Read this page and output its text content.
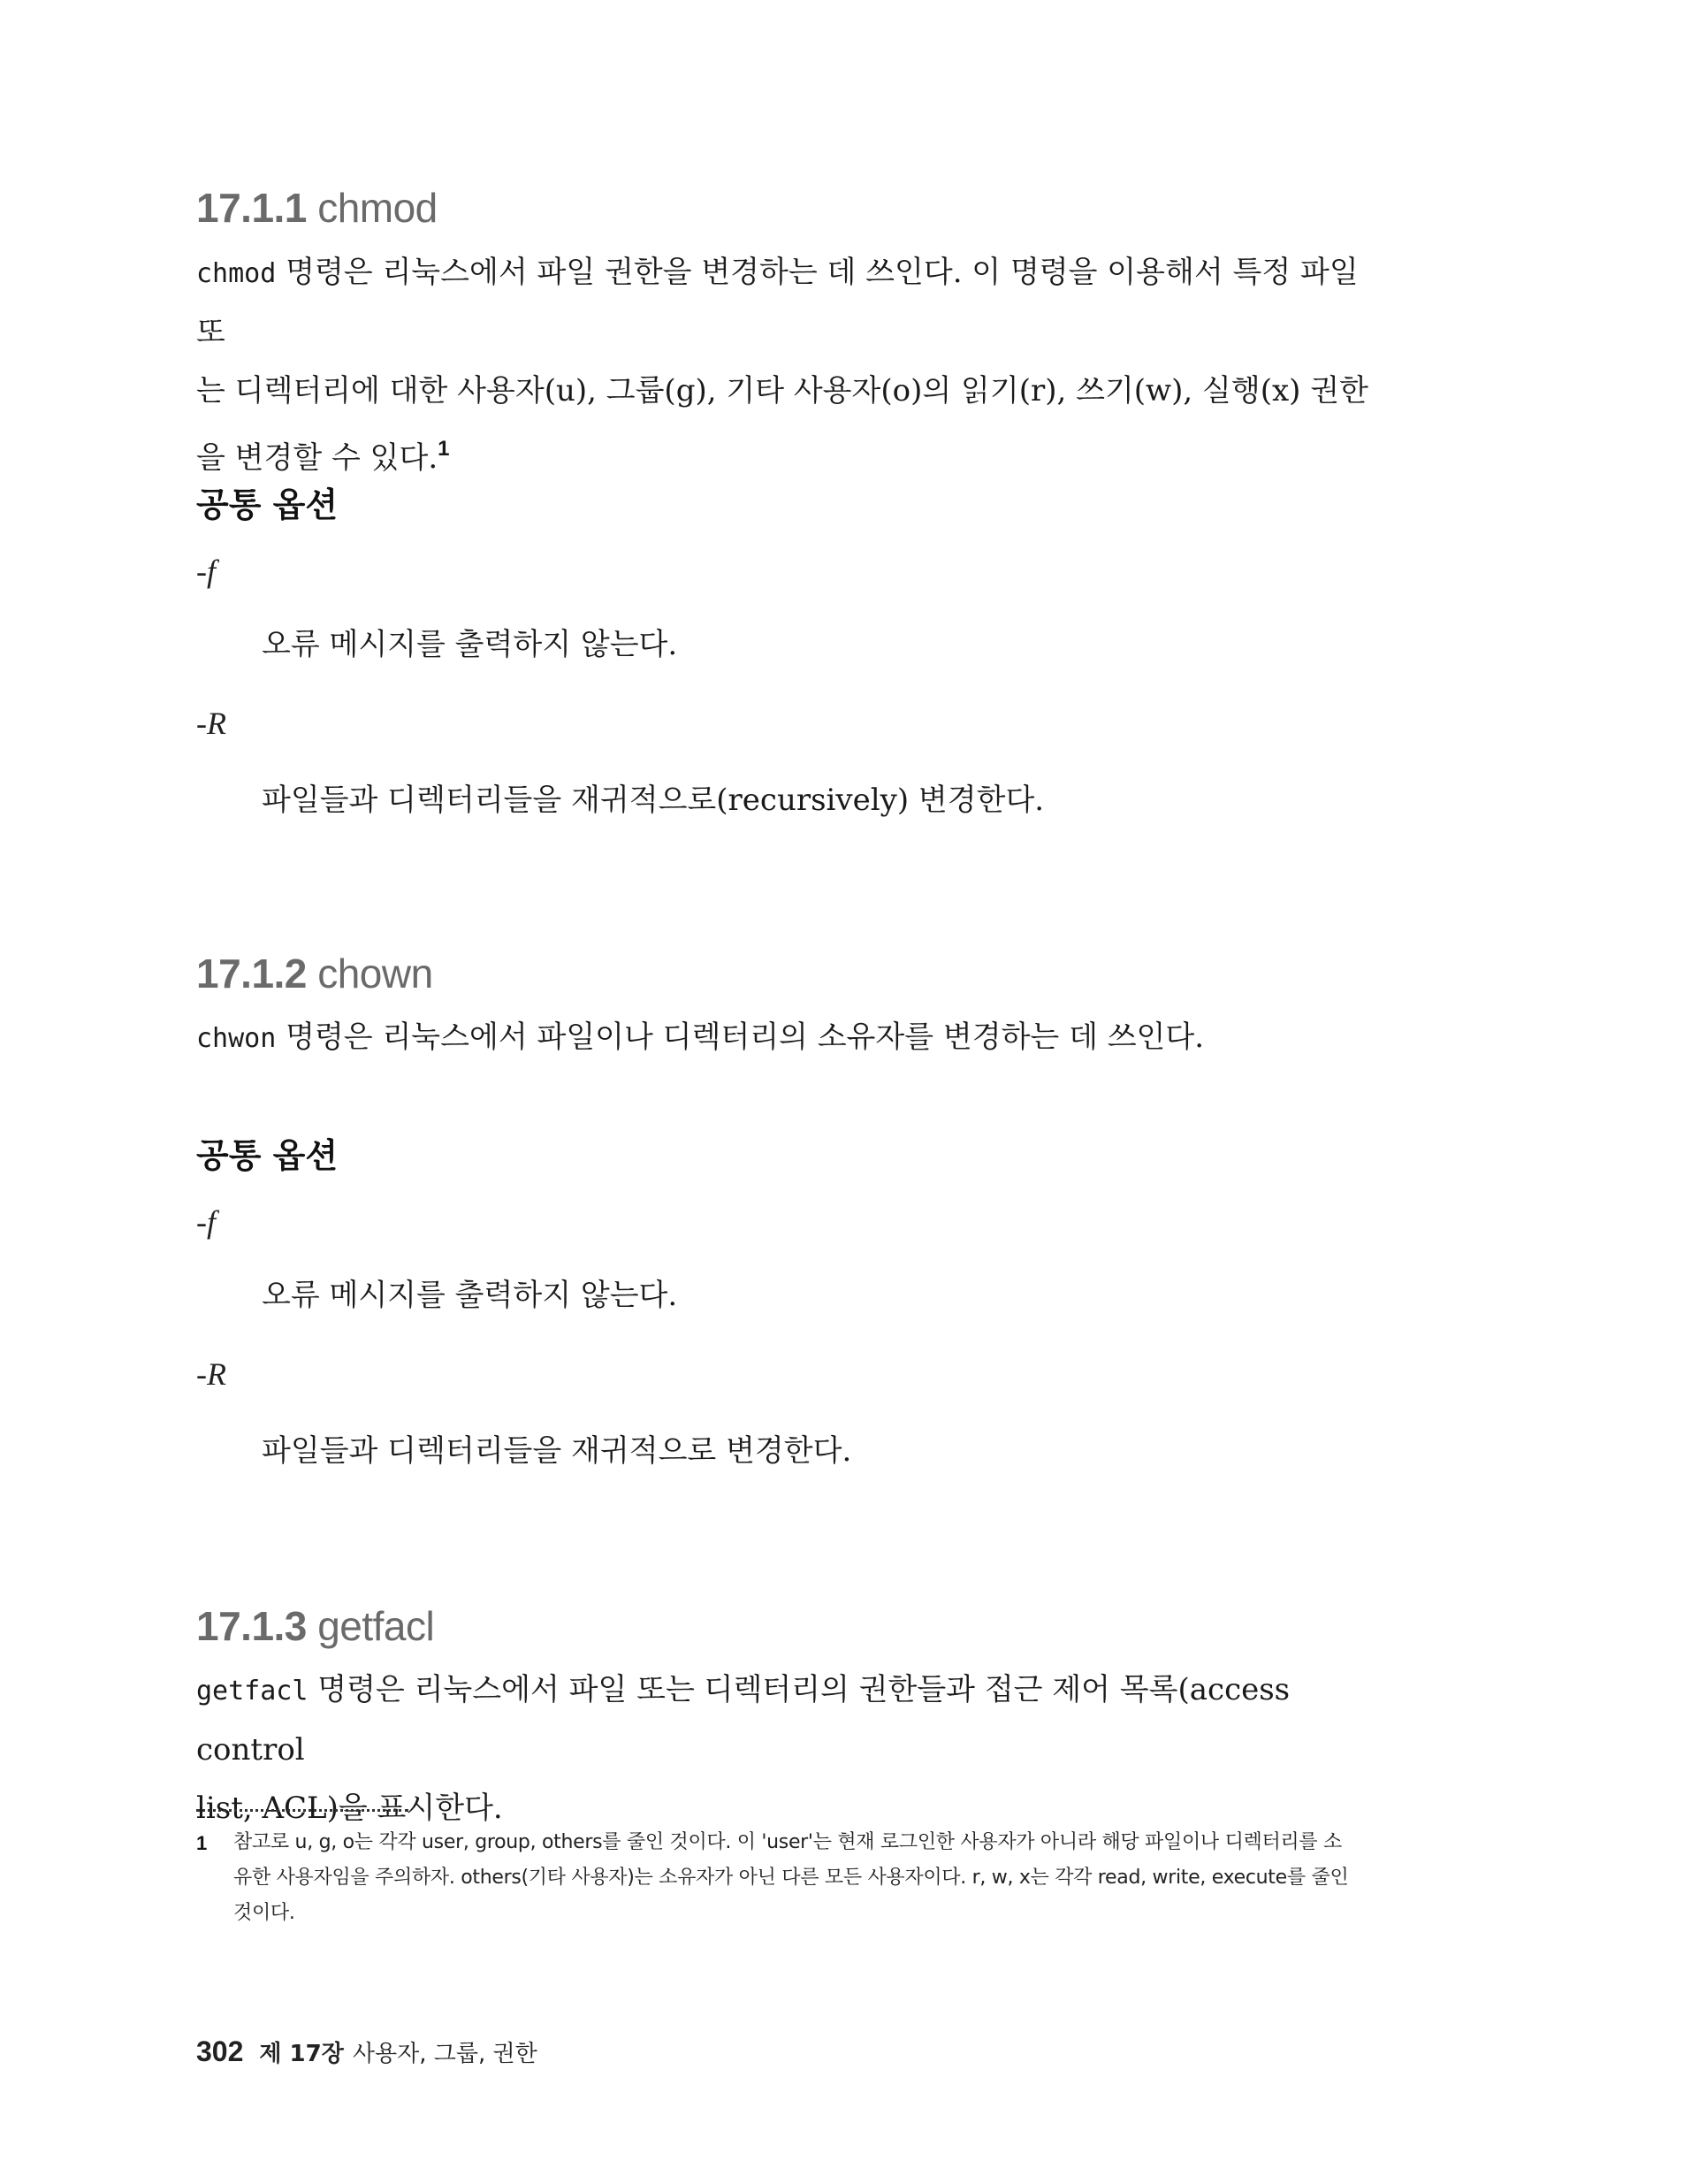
17.1.1 chmod

chmod 명령은 리눅스에서 파일 권한을 변경하는 데 쓰인다. 이 명령을 이용해서 특정 파일 또
는 디렉터리에 대한 사용자(u), 그룹(g), 기타 사용자(o)의 읽기(r), 쓰기(w), 실행(x) 권한
을 변경할 수 있다.$^1$

공통 옵션
-f
오류 메시지를 출력하지 않는다.
-R
파일들과 디렉터리들을 재귀적으로(recursively) 변경한다.
17.1.2 chown

chwon 명령은 리눅스에서 파일이나 디렉터리의 소유자를 변경하는 데 쓰인다.

공통 옵션
-f
오류 메시지를 출력하지 않는다.
-R
파일들과 디렉터리들을 재귀적으로 변경한다.
17.1.3 getfacl

getfacl 명령은 리눅스에서 파일 또는 디렉터리의 권한들과 접근 제어 목록(access control
list, ACL)을 표시한다.

1 참고로 u, g, o는 각각 user, group, others를 줄인 것이다. 이 'user'는 현재 로그인한 사용자가 아니라 해당 파일이나 디렉터리를 소
유한 사용자임을 주의하자. others(기타 사용자)는 소유자가 아닌 다른 모든 사용자이다. r, w, x는 각각 read, write, execute를 줄인
것이다.

302 제 17장 사용자, 그룹, 권한
